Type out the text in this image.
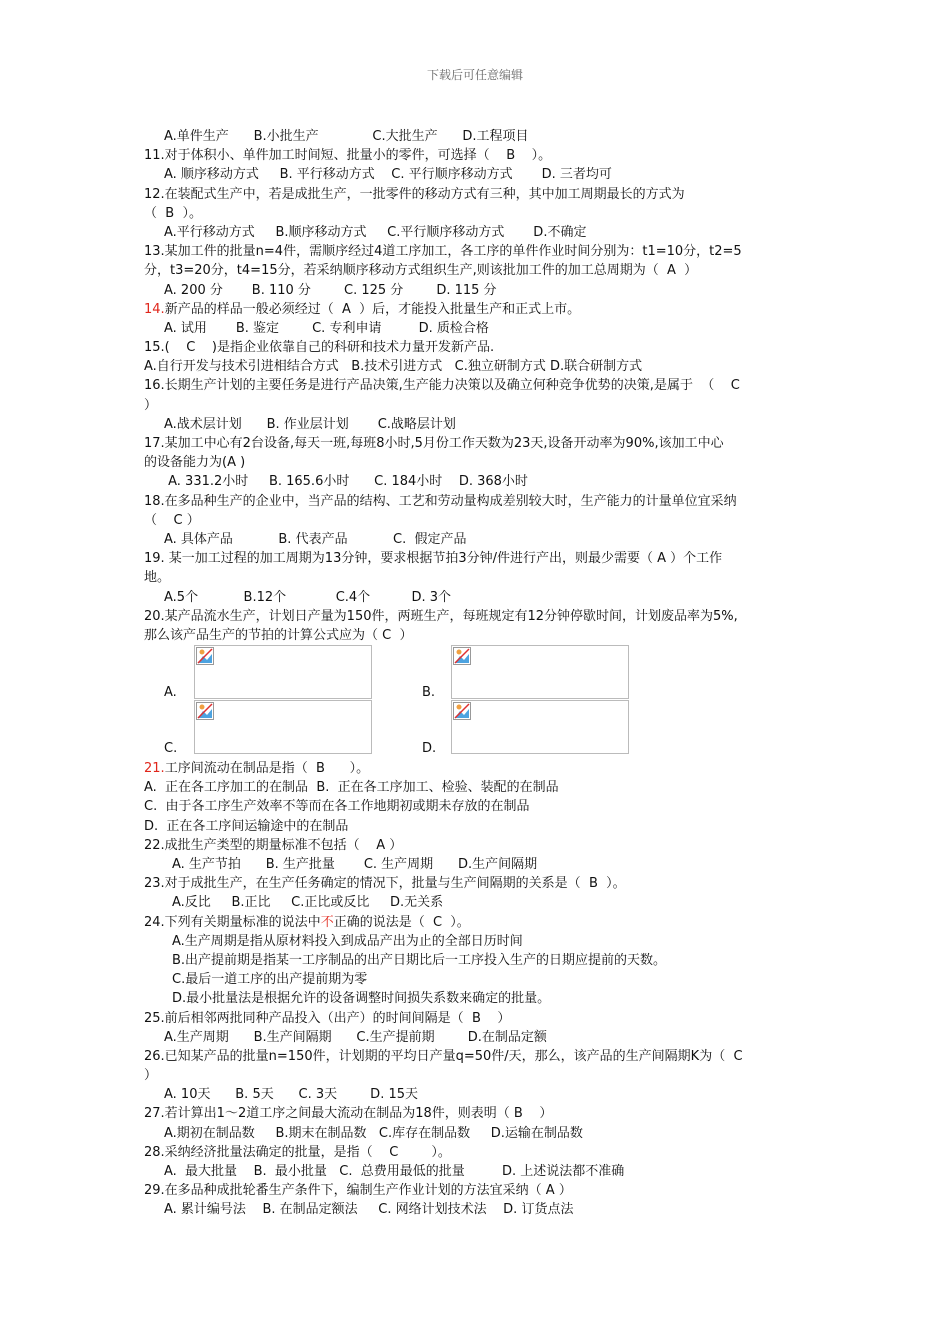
下载后可任意编辑
A.单件生产      B.小批生产             C.大批生产      D.工程项目
11.对于体积小、单件加工时间短、批量小的零件，可选择（    B    ）。
A. 顺序移动方式     B. 平行移动方式    C. 平行顺序移动方式       D. 三者均可
12.在装配式生产中，若是成批生产，一批零件的移动方式有三种，其中加工周期最长的方式为
（  B  ）。
A.平行移动方式     B.顺序移动方式     C.平行顺序移动方式       D.不确定
13.某加工件的批量n=4件，需顺序经过4道工序加工，各工序的单件作业时间分别为：t1=10分，t2=5
分，t3=20分，t4=15分，若采纳顺序移动方式组织生产,则该批加工件的加工总周期为（  A  ）
A. 200 分       B. 110 分        C. 125 分        D. 115 分
14.新产品的样品一般必须经过（  A  ）后，才能投入批量生产和正式上市。
A. 试用       B. 鉴定        C. 专利申请         D. 质检合格
15.(    C    )是指企业依靠自己的科研和技术力量开发新产品.
A.自行开发与技术引进相结合方式   B.技术引进方式   C.独立研制方式 D.联合研制方式
16.长期生产计划的主要任务是进行产品决策,生产能力决策以及确立何种竞争优势的决策,是属于  （    C
）
A.战术层计划      B. 作业层计划       C.战略层计划
17.某加工中心有2台设备,每天一班,每班8小时,5月份工作天数为23天,设备开动率为90%,该加工中心
的设备能力为(A )
A. 331.2小时     B. 165.6小时      C. 184小时    D. 368小时
18.在多品种生产的企业中，当产品的结构、工艺和劳动量构成差别较大时，生产能力的计量单位宜采纳
（    C ）
A. 具体产品           B. 代表产品           C.  假定产品
19. 某一加工过程的加工周期为13分钟，要求根据节拍3分钟/件进行产出，则最少需要（ A ）个工作
地。
A.5个           B.12个            C.4个          D. 3个
20.某产品流水生产，计划日产量为150件，两班生产，每班规定有12分钟停歇时间，计划废品率为5%,
那么该产品生产的节拍的计算公式应为（ C  ）
A.	B.
C.	D.
21.工序间流动在制品是指（  B      ）。
A.  正在各工序加工的在制品  B.  正在各工序加工、检验、装配的在制品
C.  由于各工序生产效率不等而在各工作地期初或期未存放的在制品
D.  正在各工序间运输途中的在制品
22.成批生产类型的期量标准不包括（    A ）
A. 生产节拍      B. 生产批量       C. 生产周期      D.生产间隔期
23.对于成批生产，在生产任务确定的情况下，批量与生产间隔期的关系是（  B  ）。
A.反比     B.正比     C.正比或反比     D.无关系
24.下列有关期量标准的说法中不正确的说法是（  C  ）。
A.生产周期是指从原材料投入到成品产出为止的全部日历时间
B.出产提前期是指某一工序制品的出产日期比后一工序投入生产的日期应提前的天数。
C.最后一道工序的出产提前期为零
D.最小批量法是根据允许的设备调整时间损失系数来确定的批量。
25.前后相邻两批同种产品投入（出产）的时间间隔是（  B    ）
A.生产周期      B.生产间隔期      C.生产提前期        D.在制品定额
26.已知某产品的批量n=150件，计划期的平均日产量q=50件/天，那么，该产品的生产间隔期K为（  C
）
A. 10天      B. 5天      C. 3天        D. 15天
27.若计算出1～2道工序之间最大流动在制品为18件，则表明（ B    ）
A.期初在制品数     B.期末在制品数   C.库存在制品数     D.运输在制品数
28.采纳经济批量法确定的批量，是指（    C        ）。
A.  最大批量    B.  最小批量   C.  总费用最低的批量         D. 上述说法都不准确
29.在多品种成批轮番生产条件下，编制生产作业计划的方法宜采纳（ A ）
A. 累计编号法    B. 在制品定额法     C. 网络计划技术法    D. 订货点法
